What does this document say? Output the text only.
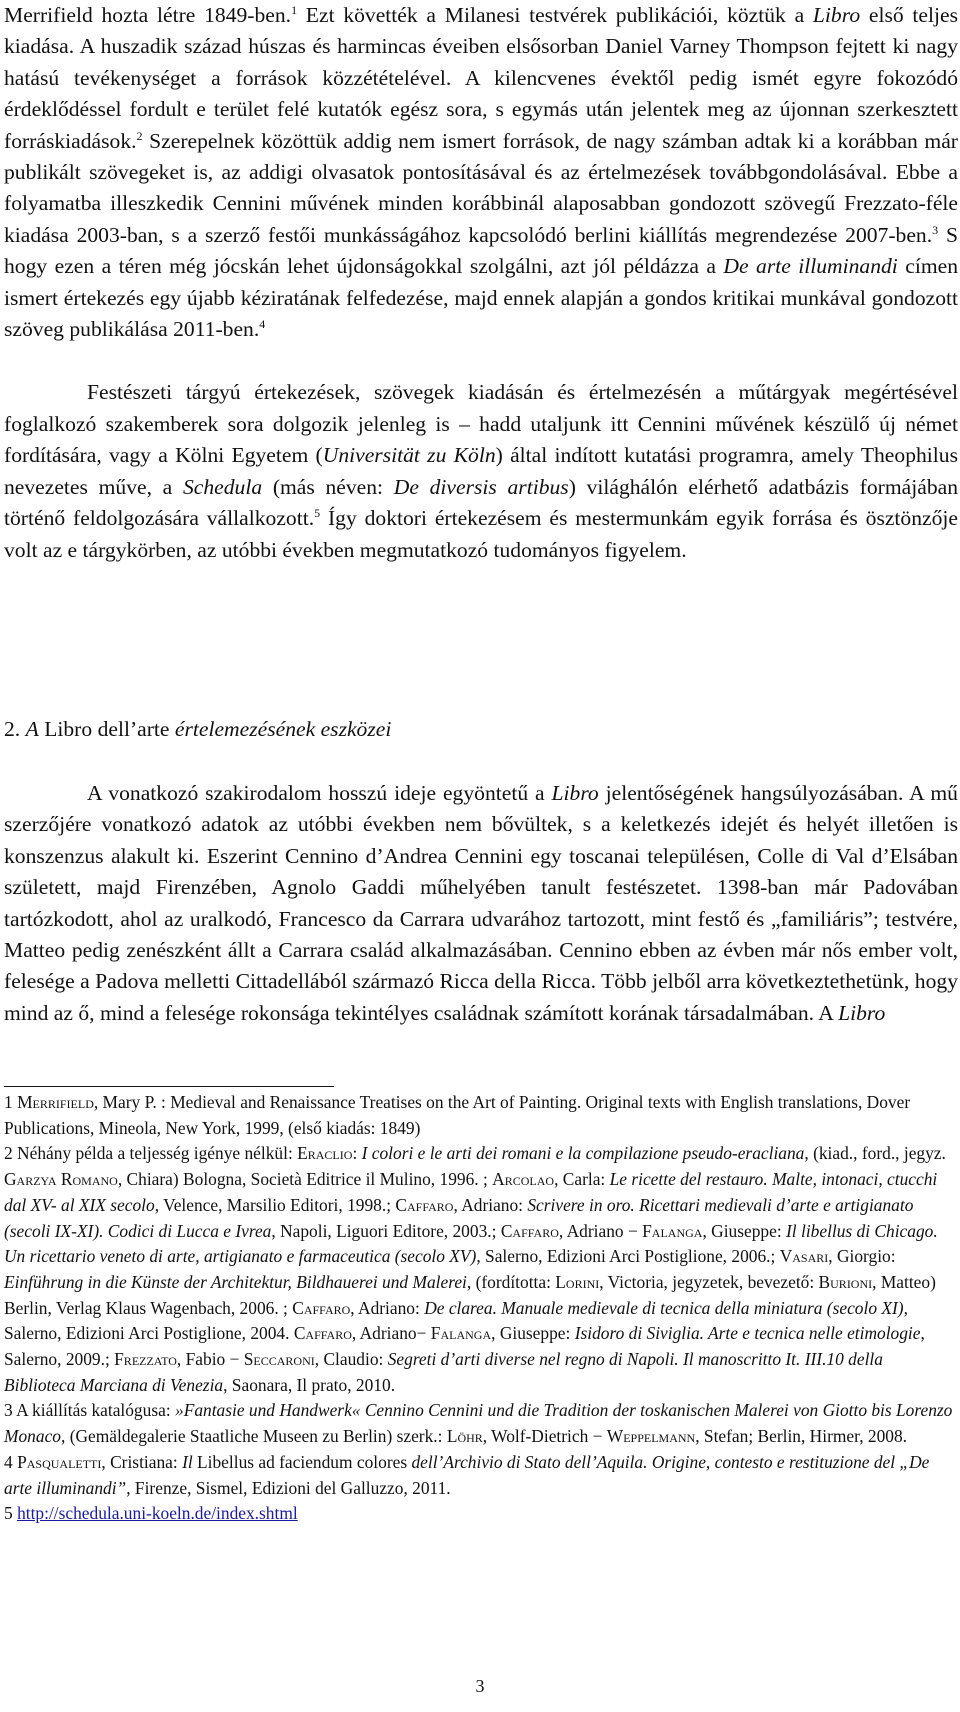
Merrifield hozta létre 1849-ben.$^1$ Ezt követték a Milanesi testvérek publikációi, köztük a Libro első teljes kiadása. A huszadik század húszas és harmincas éveiben elsősorban Daniel Varney Thompson fejtett ki nagy hatású tevékenységet a források közzétételével. A kilencvenes évektől pedig ismét egyre fokozódó érdeklődéssel fordult e terület felé kutatók egész sora, s egymás után jelentek meg az újonnan szerkesztett forráskiadások.$^2$ Szerepelnek közöttük addig nem ismert források, de nagy számban adtak ki a korábban már publikált szövegeket is, az addigi olvasatok pontosításával és az értelmezések továbbgondolásával. Ebbe a folyamatba illeszkedik Cennini művének minden korábbinál alaposabban gondozott szövegű Frezzato-féle kiadása 2003-ban, s a szerző festői munkásságához kapcsolódó berlini kiállítás megrendezése 2007-ben.$^3$ S hogy ezen a téren még jócskán lehet újdonságokkal szolgálni, azt jól példázza a De arte illuminandi címen ismert értekezés egy újabb kéziratának felfedezése, majd ennek alapján a gondos kritikai munkával gondozott szöveg publikálása 2011-ben.$^4$

Festészeti tárgyú értekezések, szövegek kiadásán és értelmezésén a műtárgyak megértésével foglalkozó szakemberek sora dolgozik jelenleg is – hadd utaljunk itt Cennini művének készülő új német fordítására, vagy a Kölni Egyetem (Universität zu Köln) által indított kutatási programra, amely Theophilus nevezetes műve, a Schedula (más néven: De diversis artibus) világhálón elérhető adatbázis formájában történő feldolgozására vállalkozott.$^5$ Így doktori értekezésem és mestermunkám egyik forrása és ösztönzője volt az e tárgykörben, az utóbbi években megmutatkozó tudományos figyelem.

2. A Libro dell’arte értelemezésének eszközei

A vonatkozó szakirodalom hosszú ideje egyöntetű a Libro jelentőségének hangsúlyozásában. A mű szerzőjére vonatkozó adatok az utóbbi években nem bővültek, s a keletkezés idejét és helyét illetően is konszenzus alakult ki. Eszerint Cennino d’Andrea Cennini egy toscanai településen, Colle di Val d’Elsában született, majd Firenzében, Agnolo Gaddi műhelyében tanult festészetet. 1398-ban már Padovában tartózkodott, ahol az uralkodó, Francesco da Carrara udvarához tartozott, mint festő és „familiáris”; testvére, Matteo pedig zenészként állt a Carrara család alkalmazásában. Cennino ebben az évben már nős ember volt, felesége a Padova melletti Cittadellából származó Ricca della Ricca. Több jelből arra következtethetünk, hogy mind az ő, mind a felesége rokonsága tekintélyes családnak számított korának társadalmában. A Libro

1 Merrifield, Mary P. : Medieval and Renaissance Treatises on the Art of Painting. Original texts with English translations, Dover Publications, Mineola, New York, 1999, (első kiadás: 1849)

2 Néhány példa a teljesség igénye nélkül: Eraclio: I colori e le arti dei romani e la compilazione pseudo-eracliana, (kiad., ford., jegyz. Garzya Romano, Chiara) Bologna, Società Editrice il Mulino, 1996. ; Arcolao, Carla: Le ricette del restauro. Malte, intonaci, ctucchi dal XV- al XIX secolo, Velence, Marsilio Editori, 1998.; Caffaro, Adriano: Scrivere in oro. Ricettari medievali d’arte e artigianato (secoli IX-XI). Codici di Lucca e Ivrea, Napoli, Liguori Editore, 2003.; Caffaro, Adriano − Falanga, Giuseppe: Il libellus di Chicago. Un ricettario veneto di arte, artigianato e farmaceutica (secolo XV), Salerno, Edizioni Arci Postiglione, 2006.; Vasari, Giorgio: Einführung in die Künste der Architektur, Bildhauerei und Malerei, (fordította: Lorini, Victoria, jegyzetek, bevezető: Burioni, Matteo) Berlin, Verlag Klaus Wagenbach, 2006. ; Caffaro, Adriano: De clarea. Manuale medievale di tecnica della miniatura (secolo XI), Salerno, Edizioni Arci Postiglione, 2004. Caffaro, Adriano− Falanga, Giuseppe: Isidoro di Siviglia. Arte e tecnica nelle etimologie, Salerno, 2009.; Frezzato, Fabio − Seccaroni, Claudio: Segreti d’arti diverse nel regno di Napoli. Il manoscritto It. III.10 della Biblioteca Marciana di Venezia, Saonara, Il prato, 2010.

3 A kiállítás katalógusa: »Fantasie und Handwerk« Cennino Cennini und die Tradition der toskanischen Malerei von Giotto bis Lorenzo Monaco, (Gemäldegalerie Staatliche Museen zu Berlin) szerk.: Löhr, Wolf-Dietrich − Weppelmann, Stefan; Berlin, Hirmer, 2008.

4 Pasqualetti, Cristiana: Il Libellus ad faciendum colores dell’Archivio di Stato dell’Aquila. Origine, contesto e restituzione del „De arte illuminandi”, Firenze, Sismel, Edizioni del Galluzzo, 2011.

5 http://schedula.uni-koeln.de/index.shtml

3
